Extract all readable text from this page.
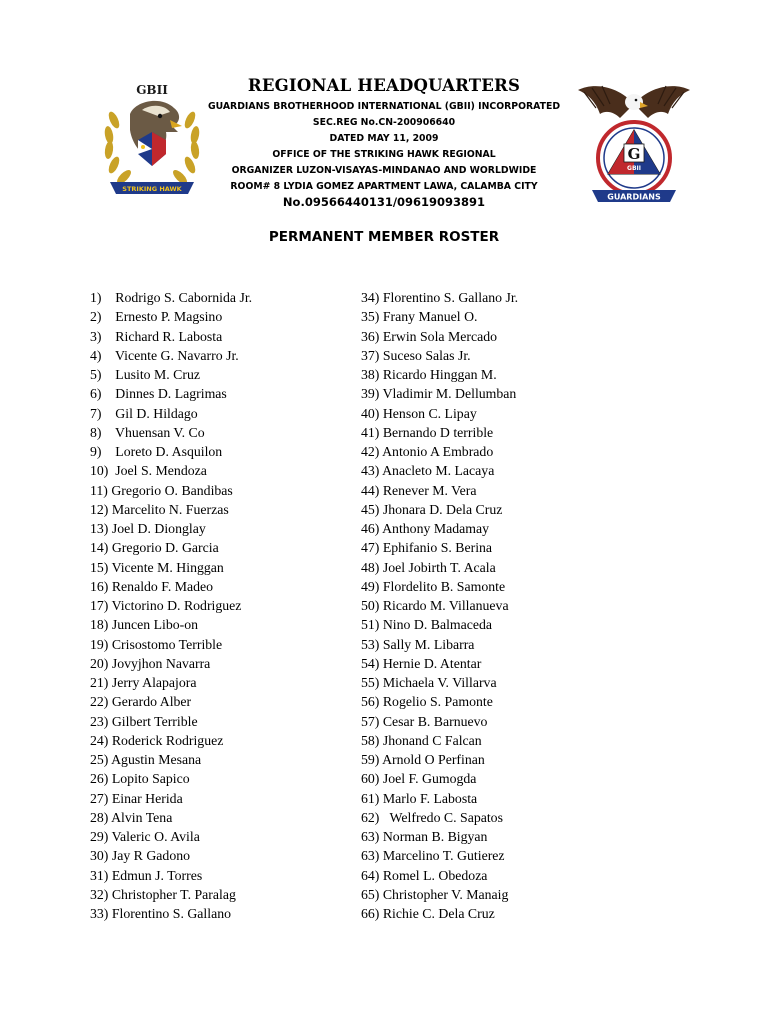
GBII
STRIKING HAWK
REGIONAL HEADQUARTERS
GUARDIANS BROTHERHOOD INTERNATIONAL (GBII) INCORPORATED
SEC.REG No.CN-200906640
DATED MAY 11, 2009
OFFICE OF THE STRIKING HAWK REGIONAL
ORGANIZER LUZON-VISAYAS-MINDANAO AND WORLDWIDE
ROOM# 8 LYDIA GOMEZ APARTMENT LAWA, CALAMBA CITY
No.09566440131/09619093891
G
GBII
GUARDIANS
PERMANENT MEMBER ROSTER
1)    Rodrigo S. Cabornida Jr.
2)    Ernesto P. Magsino
3)    Richard R. Labosta
4)    Vicente G. Navarro Jr.
5)    Lusito M. Cruz
6)    Dinnes D. Lagrimas
7)    Gil D. Hildago
8)    Vhuensan V. Co
9)    Loreto D. Asquilon
10)  Joel S. Mendoza
11) Gregorio O. Bandibas
12) Marcelito N. Fuerzas
13) Joel D. Dionglay
14) Gregorio D. Garcia
15) Vicente M. Hinggan
16) Renaldo F. Madeo
17) Victorino D. Rodriguez
18) Juncen Libo-on
19) Crisostomo Terrible
20) Jovyjhon Navarra
21) Jerry Alapajora
22) Gerardo Alber
23) Gilbert Terrible
24) Roderick Rodriguez
25) Agustin Mesana
26) Lopito Sapico
27) Einar Herida
28) Alvin Tena
29) Valeric O. Avila
30) Jay R Gadono
31) Edmun J. Torres
32) Christopher T. Paralag
33) Florentino S. Gallano
34) Florentino S. Gallano Jr.
35) Frany Manuel O.
36) Erwin Sola Mercado
37) Suceso Salas Jr.
38) Ricardo Hinggan M.
39) Vladimir M. Dellumban
40) Henson C. Lipay
41) Bernando D terrible
42) Antonio A Embrado
43) Anacleto M. Lacaya
44) Renever M. Vera
45) Jhonara D. Dela Cruz
46) Anthony Madamay
47) Ephifanio S. Berina
48) Joel Jobirth T. Acala
49) Flordelito B. Samonte
50) Ricardo M. Villanueva
51) Nino D. Balmaceda
53) Sally M. Libarra
54) Hernie D. Atentar
55) Michaela V. Villarva
56) Rogelio S. Pamonte
57) Cesar B. Barnuevo
58) Jhonand C Falcan
59) Arnold O Perfinan
60) Joel F. Gumogda
61) Marlo F. Labosta
62)   Welfredo C. Sapatos
63) Norman B. Bigyan
63) Marcelino T. Gutierez
64) Romel L. Obedoza
65) Christopher V. Manaig
66) Richie C. Dela Cruz
